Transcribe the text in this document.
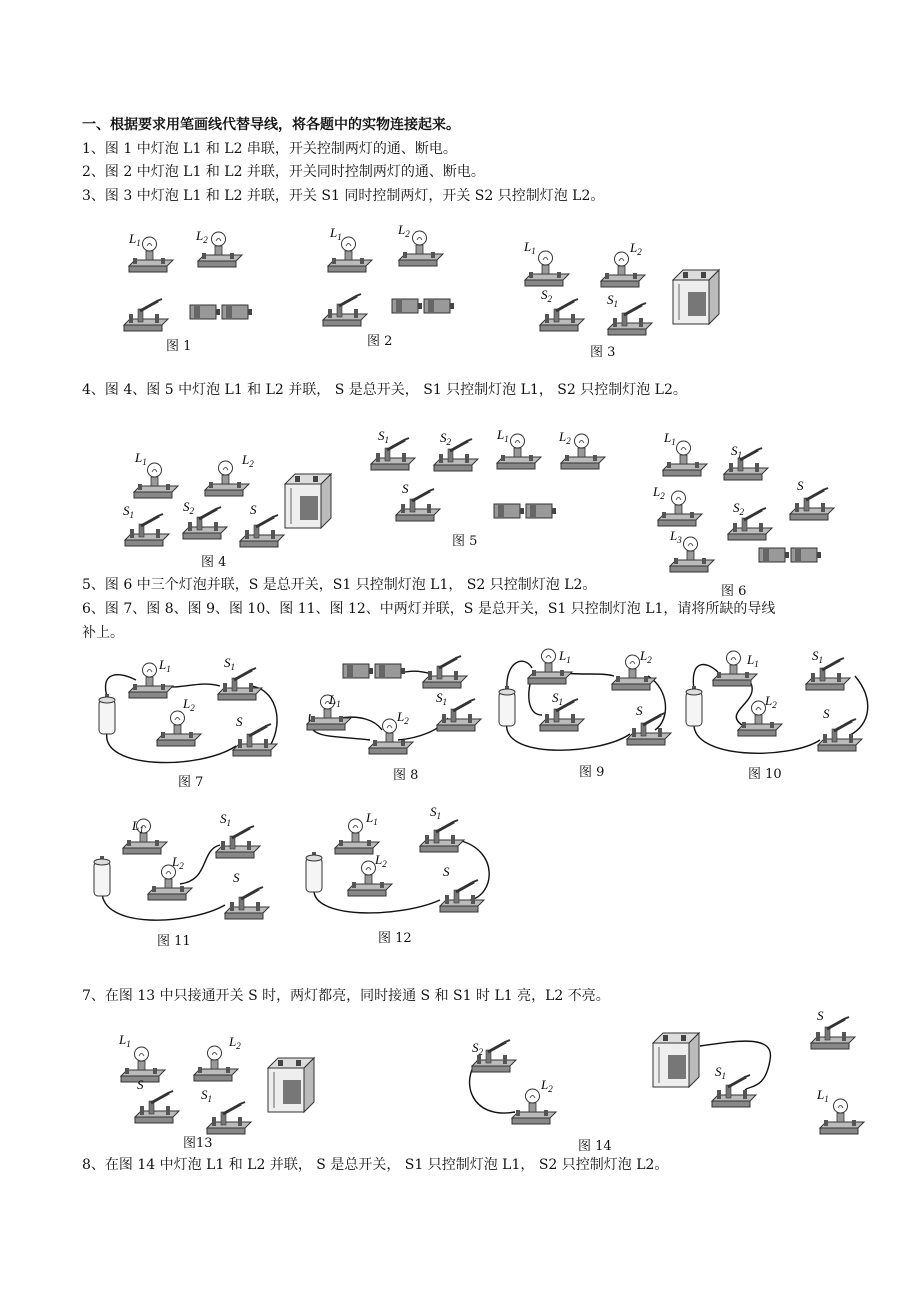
一、根据要求用笔画线代替导线，将各题中的实物连接起来。
1、图 1 中灯泡 L1 和 L2 串联，开关控制两灯的通、断电。
2、图 2 中灯泡 L1 和 L2 并联，开关同时控制两灯的通、断电。
3、图 3 中灯泡 L1 和 L2 并联，开关 S1 同时控制两灯，开关 S2 只控制灯泡 L2。
4、图 4、图 5 中灯泡 L1 和 L2 并联， S 是总开关， S1 只控制灯泡 L1， S2 只控制灯泡 L2。
5、图 6 中三个灯泡并联，S 是总开关，S1 只控制灯泡 L1， S2 只控制灯泡 L2。
6、图 7、图 8、图 9、图 10、图 11、图 12、中两灯并联，S 是总开关，S1 只控制灯泡 L1，请将所缺的导线
补上。
7、在图 13 中只接通开关 S 时，两灯都亮，同时接通 S 和 S1 时 L1 亮，L2 不亮。
8、在图 14 中灯泡 L1 和 L2 并联， S 是总开关， S1 只控制灯泡 L1， S2 只控制灯泡 L2。
图 1	图 2
图 3
图 4
图 5
图 6
图 7	图 8	图 9	图 10
图 11	图 12
图13	图 14
$L_1$	$L_2$	$L_1$	$L_2$
$L_1$	$L_2$
$S_2$	$S_1$
$L_1$	$L_2$
$S_1$
$S_2$	S
$S_1$	$S_2$	$L_1$	$L_2$
S
$L_1$
$S_1$
$L_2$
S
$S_2$
$L_3$
$L_1$	$S_1$
$L_2$
S
$L_1$
$L_2$
$S_1$
$L_1$	$L_2$
$S_1$
S
$L_1$
$S_1$
$L_2$
S
$L_1$
$S_1$
$L_2$
S
$L_1$
$S_1$
$L_2$	S
$L_1$	$L_2$
S
$S_1$
$S_2$
$L_2$
$S_1$
S
$L_1$
